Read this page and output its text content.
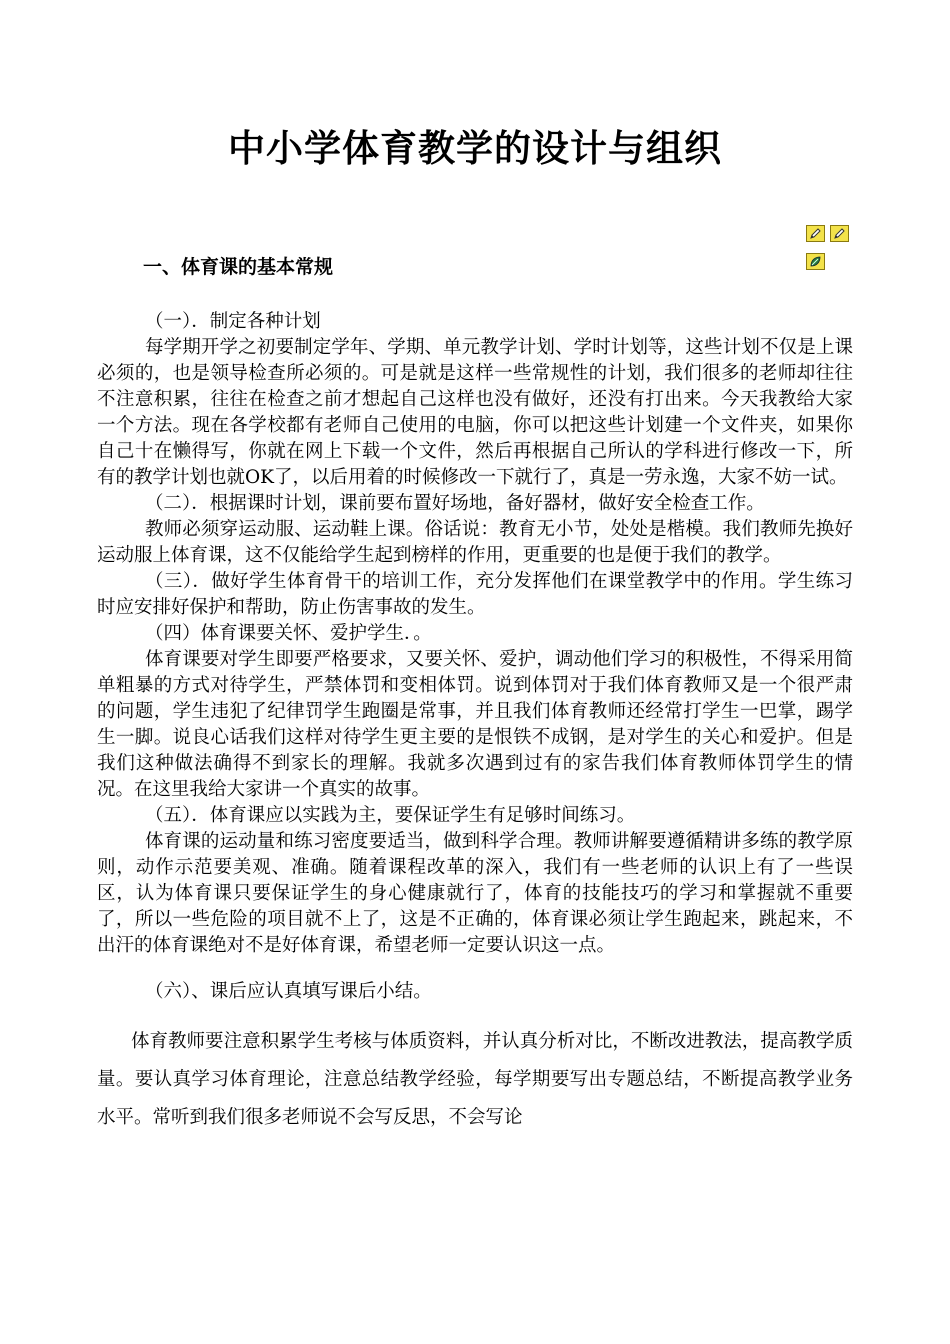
中小学体育教学的设计与组织
一、体育课的基本常规

（一）．制定各种计划

每学期开学之初要制定学年、学期、单元教学计划、学时计划等，这些计划不仅是上课必须的，也是领导检查所必须的。可是就是这样一些常规性的计划，我们很多的老师却往往不注意积累，往往在检查之前才想起自己这样也没有做好，还没有打出来。今天我教给大家一个方法。现在各学校都有老师自己使用的电脑，你可以把这些计划建一个文件夹，如果你自己十在懒得写，你就在网上下载一个文件，然后再根据自己所认的学科进行修改一下，所有的教学计划也就OK了，以后用着的时候修改一下就行了，真是一劳永逸，大家不妨一试。

（二）．根据课时计划，课前要布置好场地，备好器材，做好安全检查工作。

教师必须穿运动服、运动鞋上课。俗话说：教育无小节，处处是楷模。我们教师先换好运动服上体育课，这不仅能给学生起到榜样的作用，更重要的也是便于我们的教学。

（三）．做好学生体育骨干的培训工作，充分发挥他们在课堂教学中的作用。学生练习时应安排好保护和帮助，防止伤害事故的发生。

（四）体育课要关怀、爱护学生．。

体育课要对学生即要严格要求，又要关怀、爱护，调动他们学习的积极性，不得采用简单粗暴的方式对待学生，严禁体罚和变相体罚。说到体罚对于我们体育教师又是一个很严肃的问题，学生违犯了纪律罚学生跑圈是常事，并且我们体育教师还经常打学生一巴掌，踢学生一脚。说良心话我们这样对待学生更主要的是恨铁不成钢，是对学生的关心和爱护。但是我们这种做法确得不到家长的理解。我就多次遇到过有的家告我们体育教师体罚学生的情况。在这里我给大家讲一个真实的故事。

（五）．体育课应以实践为主，要保证学生有足够时间练习。

体育课的运动量和练习密度要适当，做到科学合理。教师讲解要遵循精讲多练的教学原则，动作示范要美观、准确。随着课程改革的深入，我们有一些老师的认识上有了一些误区，认为体育课只要保证学生的身心健康就行了，体育的技能技巧的学习和掌握就不重要了，所以一些危险的项目就不上了，这是不正确的，体育课必须让学生跑起来，跳起来，不出汗的体育课绝对不是好体育课，希望老师一定要认识这一点。

（六）、课后应认真填写课后小结。

体育教师要注意积累学生考核与体质资料，并认真分析对比，不断改进教法，提高教学质量。要认真学习体育理论，注意总结教学经验，每学期要写出专题总结，不断提高教学业务水平。常听到我们很多老师说不会写反思，不会写论
